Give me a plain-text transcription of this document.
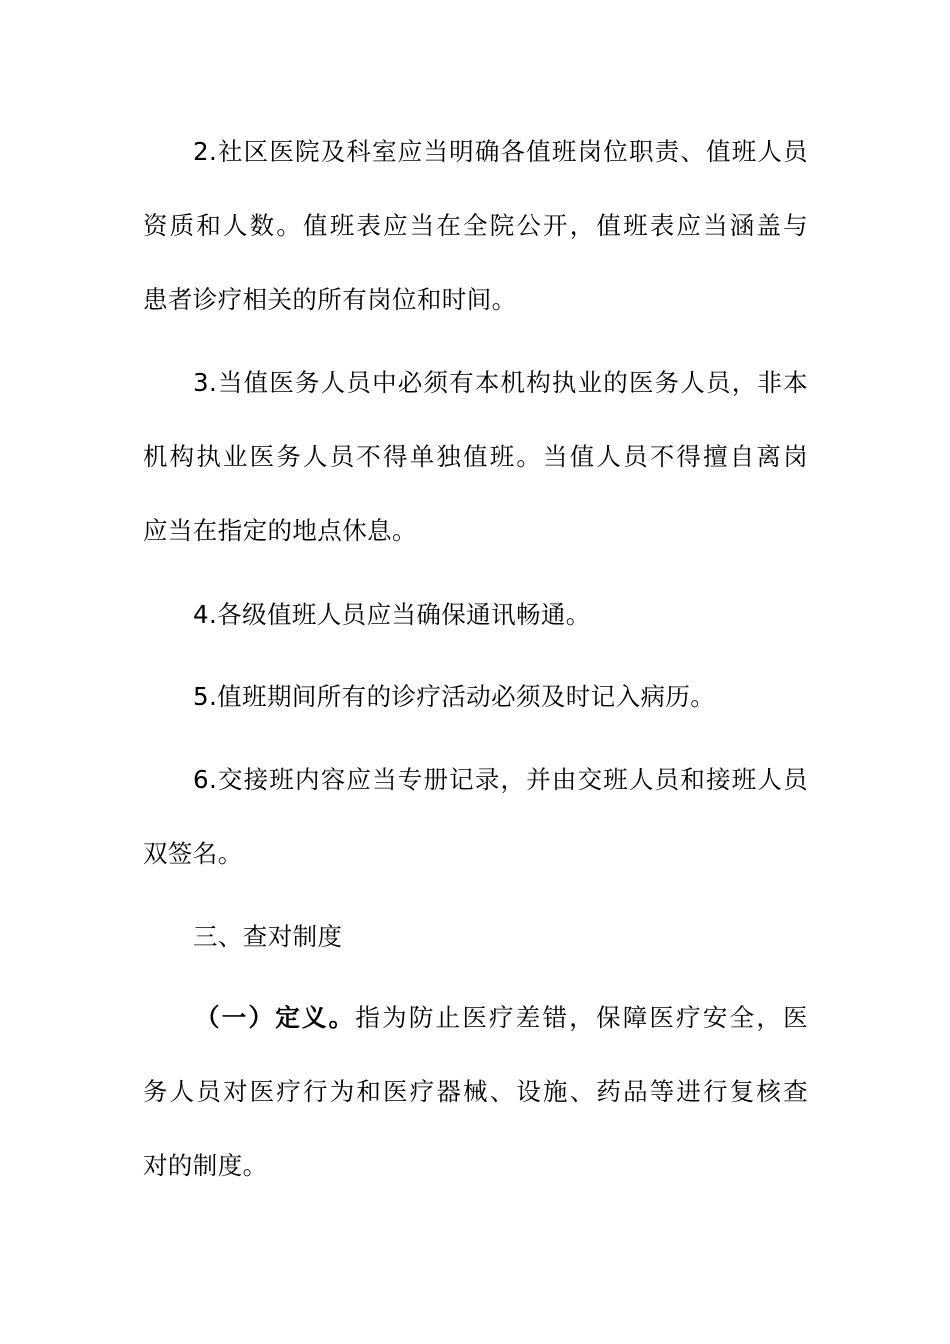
2.社区医院及科室应当明确各值班岗位职责、值班人员
资质和人数。值班表应当在全院公开，值班表应当涵盖与
患者诊疗相关的所有岗位和时间。
3.当值医务人员中必须有本机构执业的医务人员，非本
机构执业医务人员不得单独值班。当值人员不得擅自离岗
应当在指定的地点休息。
4.各级值班人员应当确保通讯畅通。
5.值班期间所有的诊疗活动必须及时记入病历。
6.交接班内容应当专册记录，并由交班人员和接班人员
双签名。
三、查对制度
（一）定义。指为防止医疗差错，保障医疗安全，医
务人员对医疗行为和医疗器械、设施、药品等进行复核查
对的制度。
